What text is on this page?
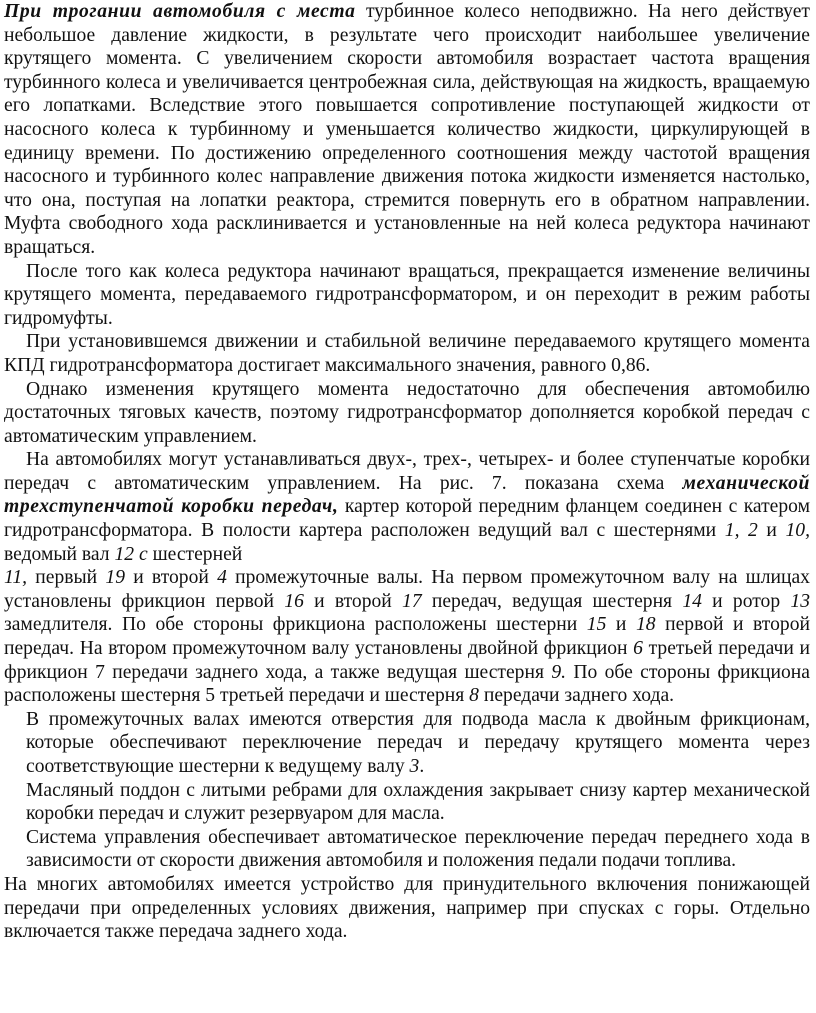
При трогании автомобиля с места турбинное колесо неподвижно. На него действует небольшое давление жидкости, в результате чего происходит наибольшее увеличение крутящего момента. С увеличением скорости автомобиля возрастает частота вращения турбинного колеса и увеличивается центробежная сила, действующая на жидкость, вращаемую его лопатками. Вследствие этого повышается сопротивление поступающей жидкости от насосного колеса к турбинному и уменьшается количество жидкости, циркулирующей в единицу времени. По достижению определенного соотношения между частотой вращения насосного и турбинного колес направление движения потока жидкости изменяется настолько, что она, поступая на лопатки реактора, стремится повернуть его в обратном направлении. Муфта свободного хода расклинивается и установленные на ней колеса редуктора начинают вращаться.

После того как колеса редуктора начинают вращаться, прекращается изменение величины крутящего момента, передаваемого гидротрансформатором, и он переходит в режим работы гидромуфты.

При установившемся движении и стабильной величине передаваемого крутящего момента КПД гидротрансформатора достигает максимального значения, равного 0,86.

Однако изменения крутящего момента недостаточно для обеспечения автомобилю достаточных тяговых качеств, поэтому гидротрансформатор дополняется коробкой передач с автоматическим управлением.

На автомобилях могут устанавливаться двух-, трех-, четырех- и более ступенчатые коробки передач с автоматическим управлением. На рис. 7. показана схема механической трехступенчатой коробки передач, картер которой передним фланцем соединен с катером гидротрансформатора. В полости картера расположен ведущий вал с шестернями 1, 2 и 10, ведомый вал 12 с шестерней
11, первый 19 и второй 4 промежуточные валы. На первом промежуточном валу на шлицах установлены фрикцион первой 16 и второй 17 передач, ведущая шестерня 14 и ротор 13 замедлителя. По обе стороны фрикциона расположены шестерни 15 и 18 первой и второй передач. На втором промежуточном валу установлены двойной фрикцион 6 третьей передачи и фрикцион 7 передачи заднего хода, а также ведущая шестерня 9. По обе стороны фрикциона расположены шестерня 5 третьей передачи и шестерня 8 передачи заднего хода.

В промежуточных валах имеются отверстия для подвода масла к двойным фрикционам, которые обеспечивают переключение передач и передачу крутящего момента через соответствующие шестерни к ведущему валу 3.

Масляный поддон с литыми ребрами для охлаждения закрывает снизу картер механической коробки передач и служит резервуаром для масла.

Система управления обеспечивает автоматическое переключение передач переднего хода в зависимости от скорости движения автомобиля и положения педали подачи топлива.

На многих автомобилях имеется устройство для принудительного включения понижающей передачи при определенных условиях движения, например при спусках с горы. Отдельно включается также передача заднего хода.
